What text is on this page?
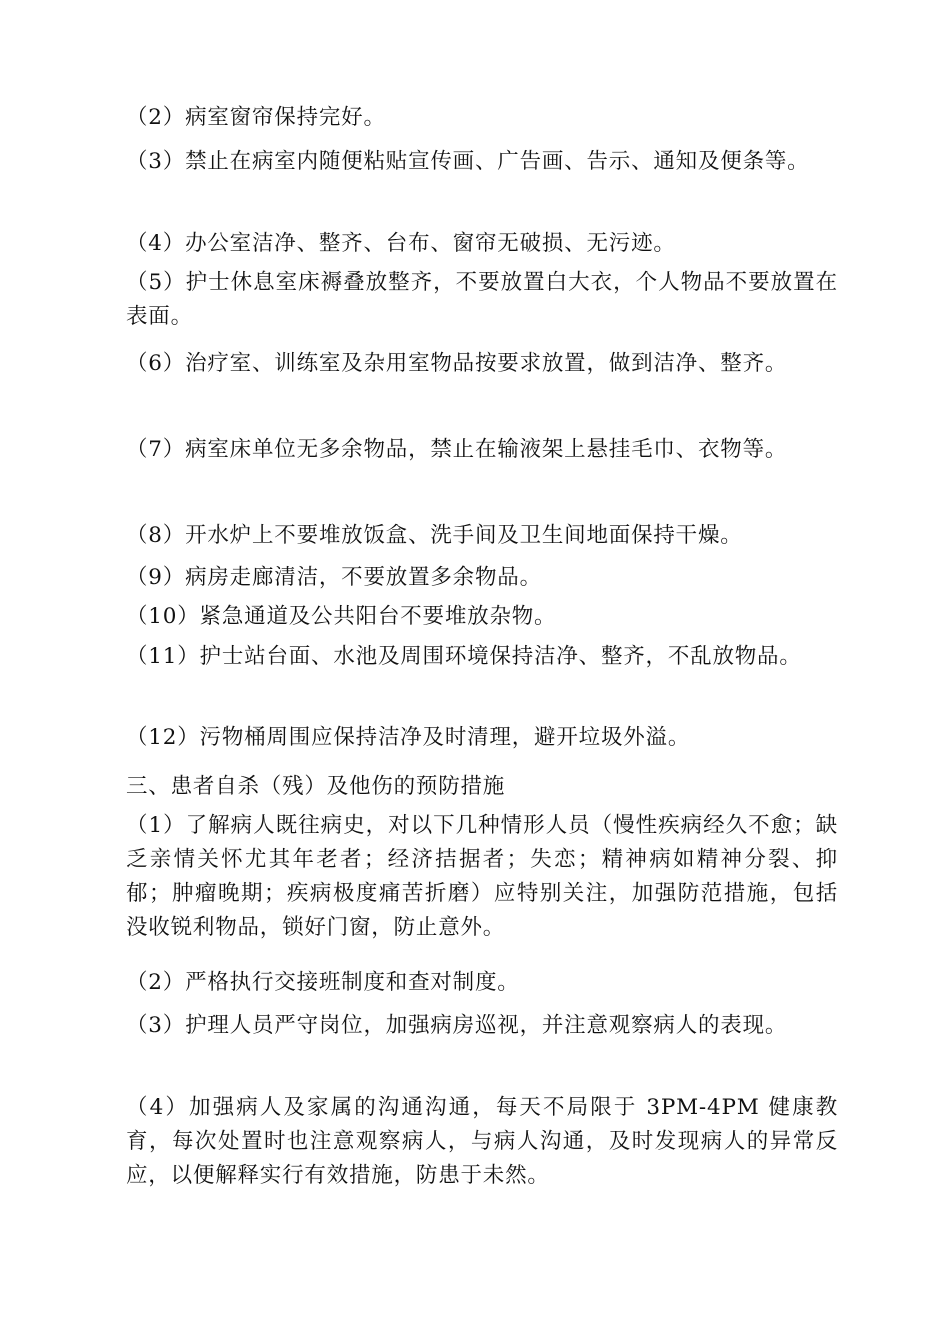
（2）病室窗帘保持完好。

（3）禁止在病室内随便粘贴宣传画、广告画、告示、通知及便条等。

（4）办公室洁净、整齐、台布、窗帘无破损、无污迹。

（5）护士休息室床褥叠放整齐，不要放置白大衣，个人物品不要放置在表面。

（6）治疗室、训练室及杂用室物品按要求放置，做到洁净、整齐。

（7）病室床单位无多余物品，禁止在输液架上悬挂毛巾、衣物等。

（8）开水炉上不要堆放饭盒、洗手间及卫生间地面保持干燥。

（9）病房走廊清洁，不要放置多余物品。

（10）紧急通道及公共阳台不要堆放杂物。

（11）护士站台面、水池及周围环境保持洁净、整齐，不乱放物品。

（12）污物桶周围应保持洁净及时清理，避开垃圾外溢。

三、患者自杀（残）及他伤的预防措施

（1）了解病人既往病史，对以下几种情形人员（慢性疾病经久不愈；缺乏亲情关怀尤其年老者；经济拮据者；失恋；精神病如精神分裂、抑郁；肿瘤晚期；疾病极度痛苦折磨）应特别关注，加强防范措施，包括没收锐利物品，锁好门窗，防止意外。

（2）严格执行交接班制度和查对制度。

（3）护理人员严守岗位，加强病房巡视，并注意观察病人的表现。

（4）加强病人及家属的沟通沟通，每天不局限于 3PM-4PM 健康教育，每次处置时也注意观察病人，与病人沟通，及时发现病人的异常反应，以便解释实行有效措施，防患于未然。
